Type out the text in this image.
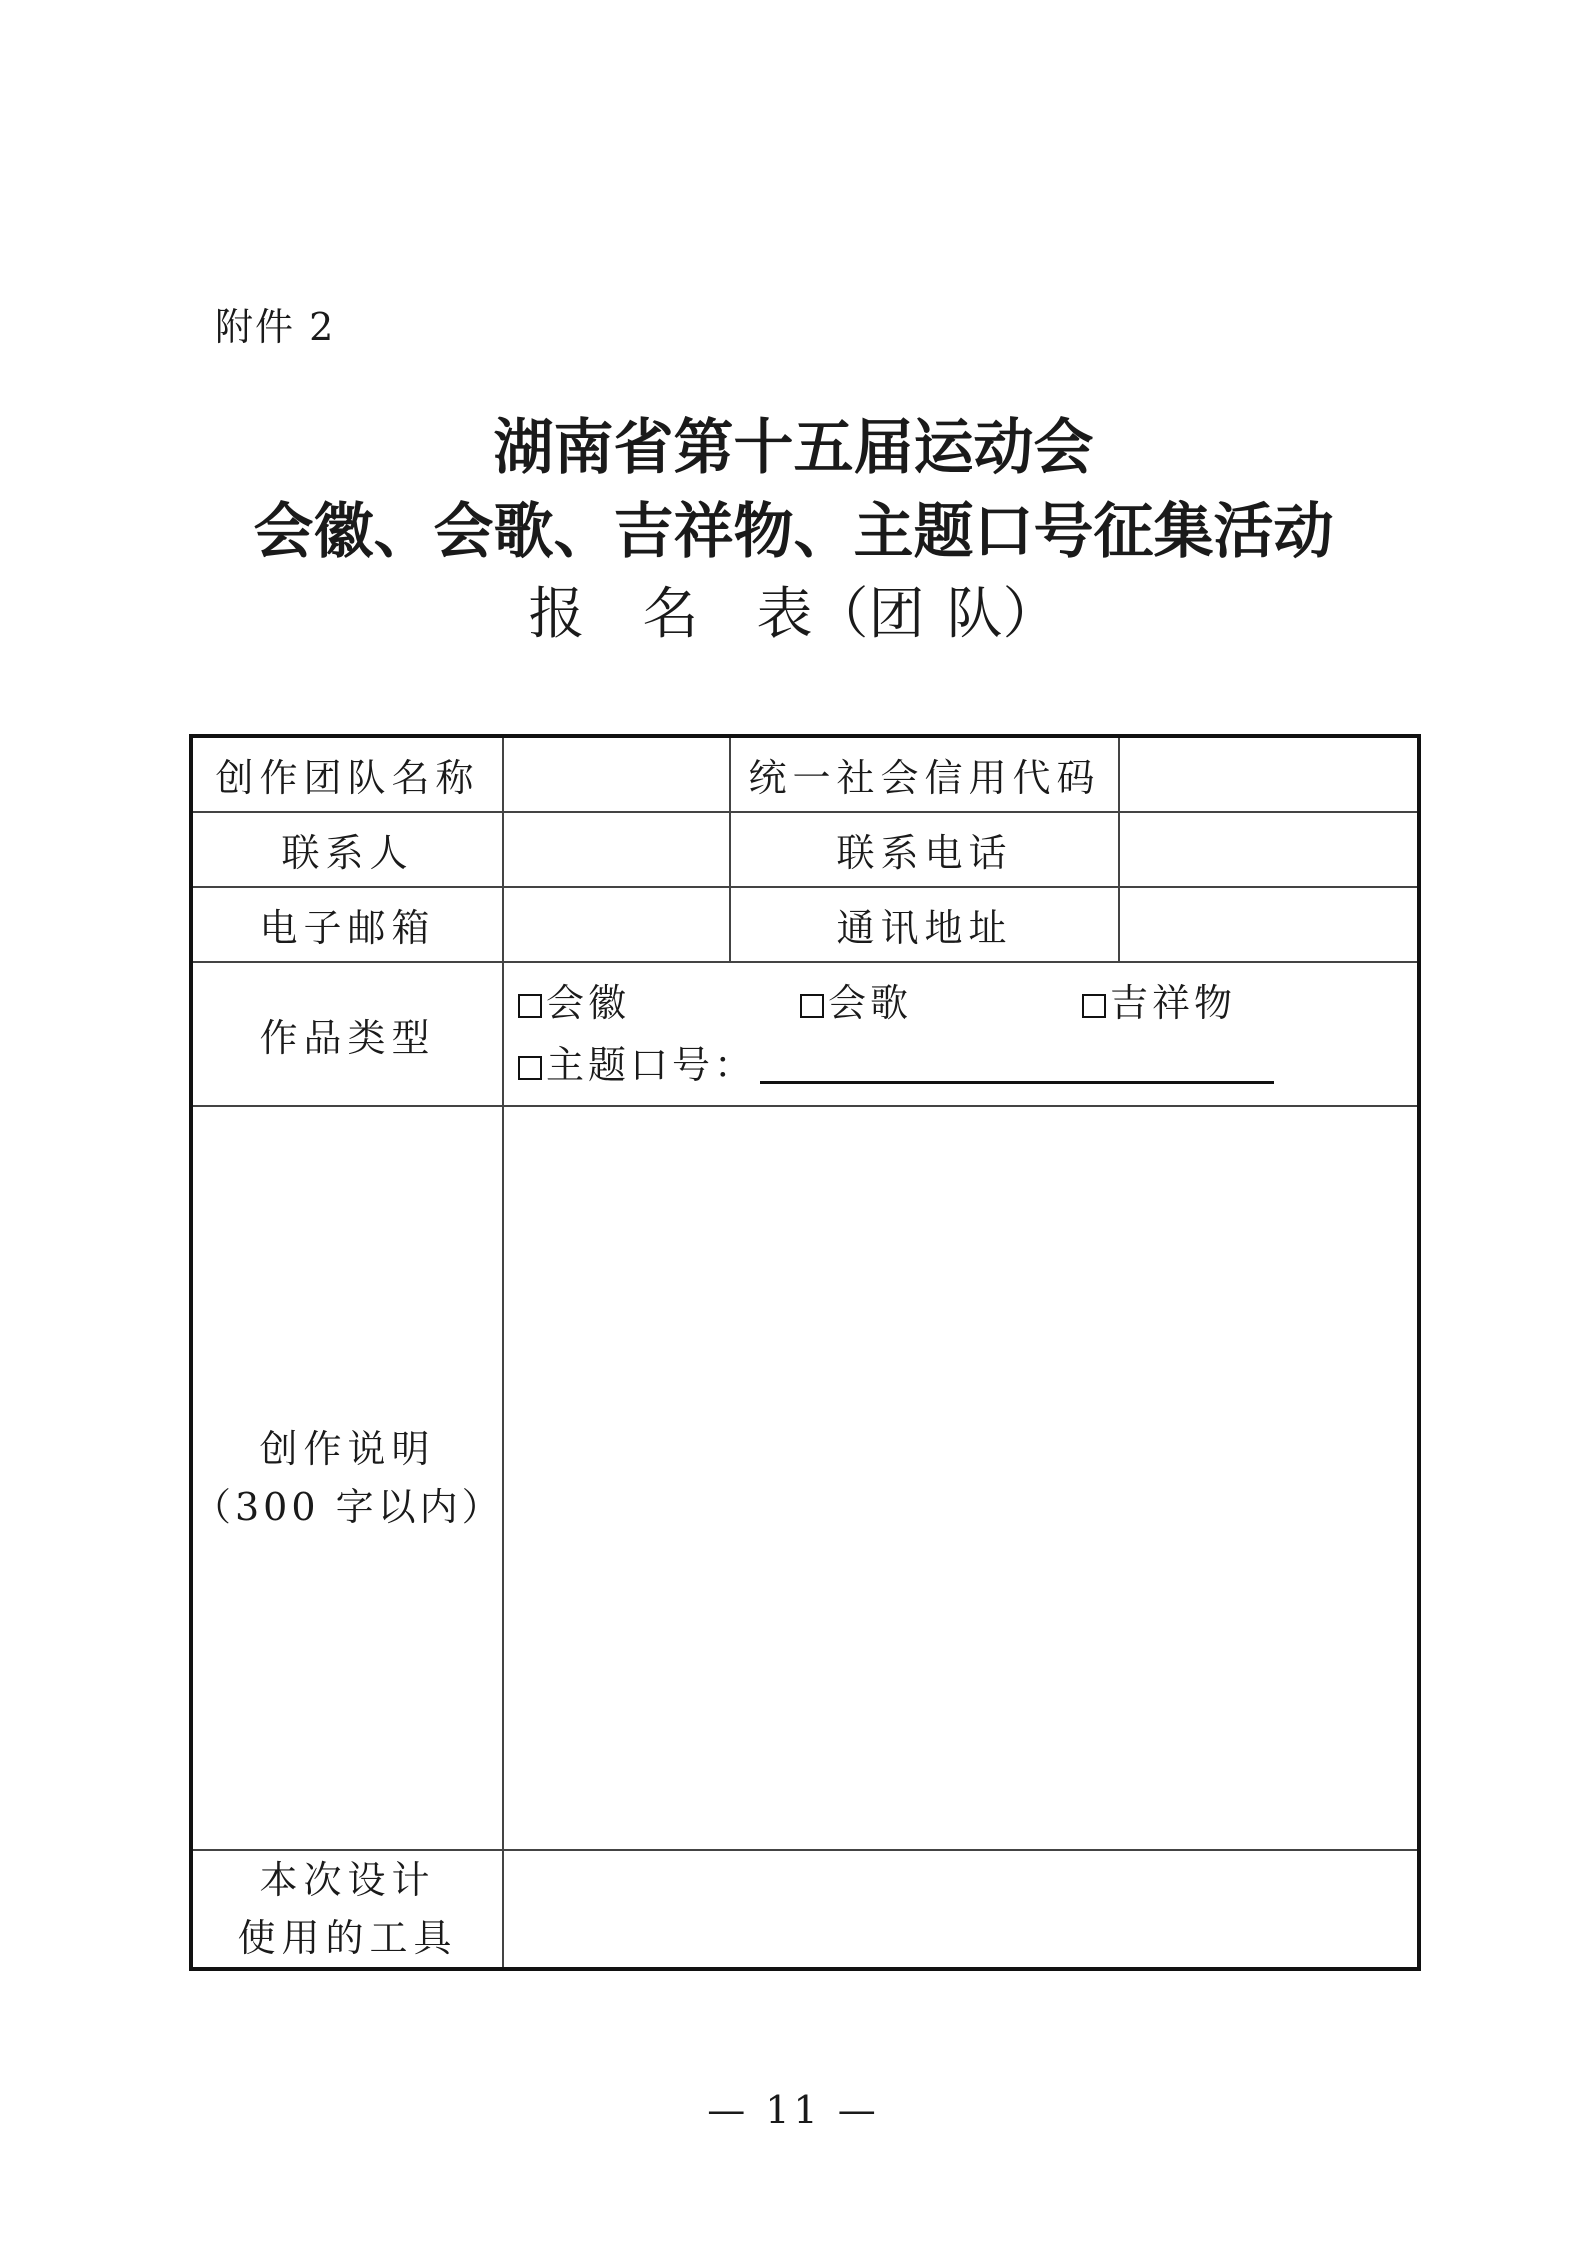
附件 2
湖南省第十五届运动会
会徽、会歌、吉祥物、主题口号征集活动
报 名 表（团 队）
创作团队名称		统一社会信用代码	
联系人		联系电话	
电子邮箱		通讯地址	
作品类型	会徽 会歌 吉祥物
主题口号：		

创作说明
（300 字以内）			

本次设计
使用的工具			

— 11 —
